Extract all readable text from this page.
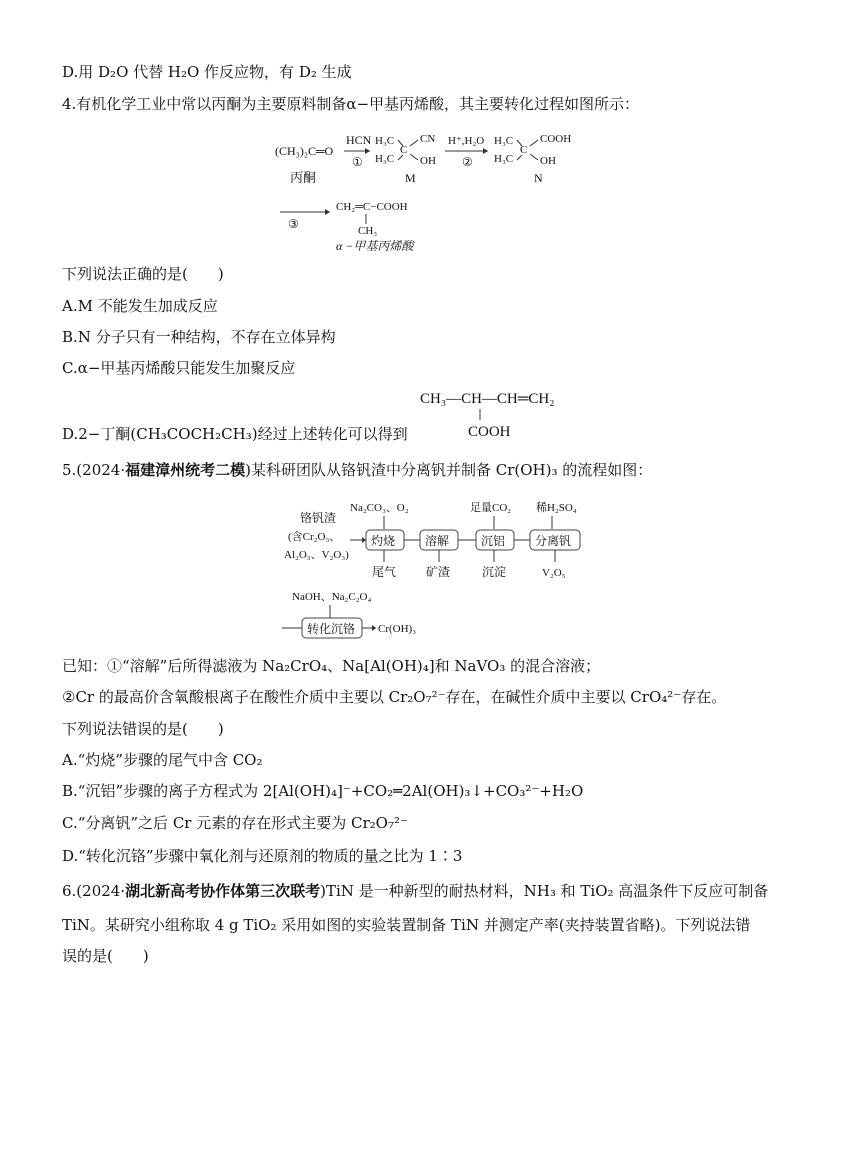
D.用 D₂O 代替 H₂O 作反应物，有 D₂ 生成
4.有机化学工业中常以丙酮为主要原料制备α−甲基丙烯酸，其主要转化过程如图所示：
(CH₃)₂C═O
丙酮
HCN
①
H₃C
H₃C
C
CN
OH
M
H⁺,H₂O
②
H₃C
H₃C
C
COOH
OH
N
③
CH₂═C−COOH
CH₃
α −甲基丙烯酸
下列说法正确的是(　　)
A.M 不能发生加成反应
B.N 分子只有一种结构，不存在立体异构
C.α−甲基丙烯酸只能发生加聚反应
D.2−丁酮(CH₃COCH₂CH₃)经过上述转化可以得到
CH₃—CH—CH═CH₂
COOH
5.(2024·福建漳州统考二模)某科研团队从铬钒渣中分离钒并制备 Cr(OH)₃ 的流程如图：
铬钒渣
(含Cr₂O₃、
Al₂O₃、V₂O₃)
Na₂CO₃、O₂
灼烧
尾气
溶解
矿渣
足量CO₂
沉铝
沉淀
稀H₂SO₄
分离钒
V₂O₅
NaOH、Na₂C₂O₄
转化沉铬 Cr(OH)₃
已知：①“溶解”后所得滤液为 Na₂CrO₄、Na[Al(OH)₄]和 NaVO₃ 的混合溶液；
②Cr 的最高价含氧酸根离子在酸性介质中主要以 Cr₂O₇²⁻存在，在碱性介质中主要以 CrO₄²⁻存在。
下列说法错误的是(　　)
A.“灼烧”步骤的尾气中含 CO₂
B.“沉铝”步骤的离子方程式为 2[Al(OH)₄]⁻+CO₂═2Al(OH)₃↓+CO₃²⁻+H₂O
C.“分离钒”之后 Cr 元素的存在形式主要为 Cr₂O₇²⁻
D.“转化沉铬”步骤中氧化剂与还原剂的物质的量之比为 1∶3
6.(2024·湖北新高考协作体第三次联考)TiN 是一种新型的耐热材料，NH₃ 和 TiO₂ 高温条件下反应可制备
TiN。某研究小组称取 4 g TiO₂ 采用如图的实验装置制备 TiN 并测定产率(夹持装置省略)。下列说法错
误的是(　　)
